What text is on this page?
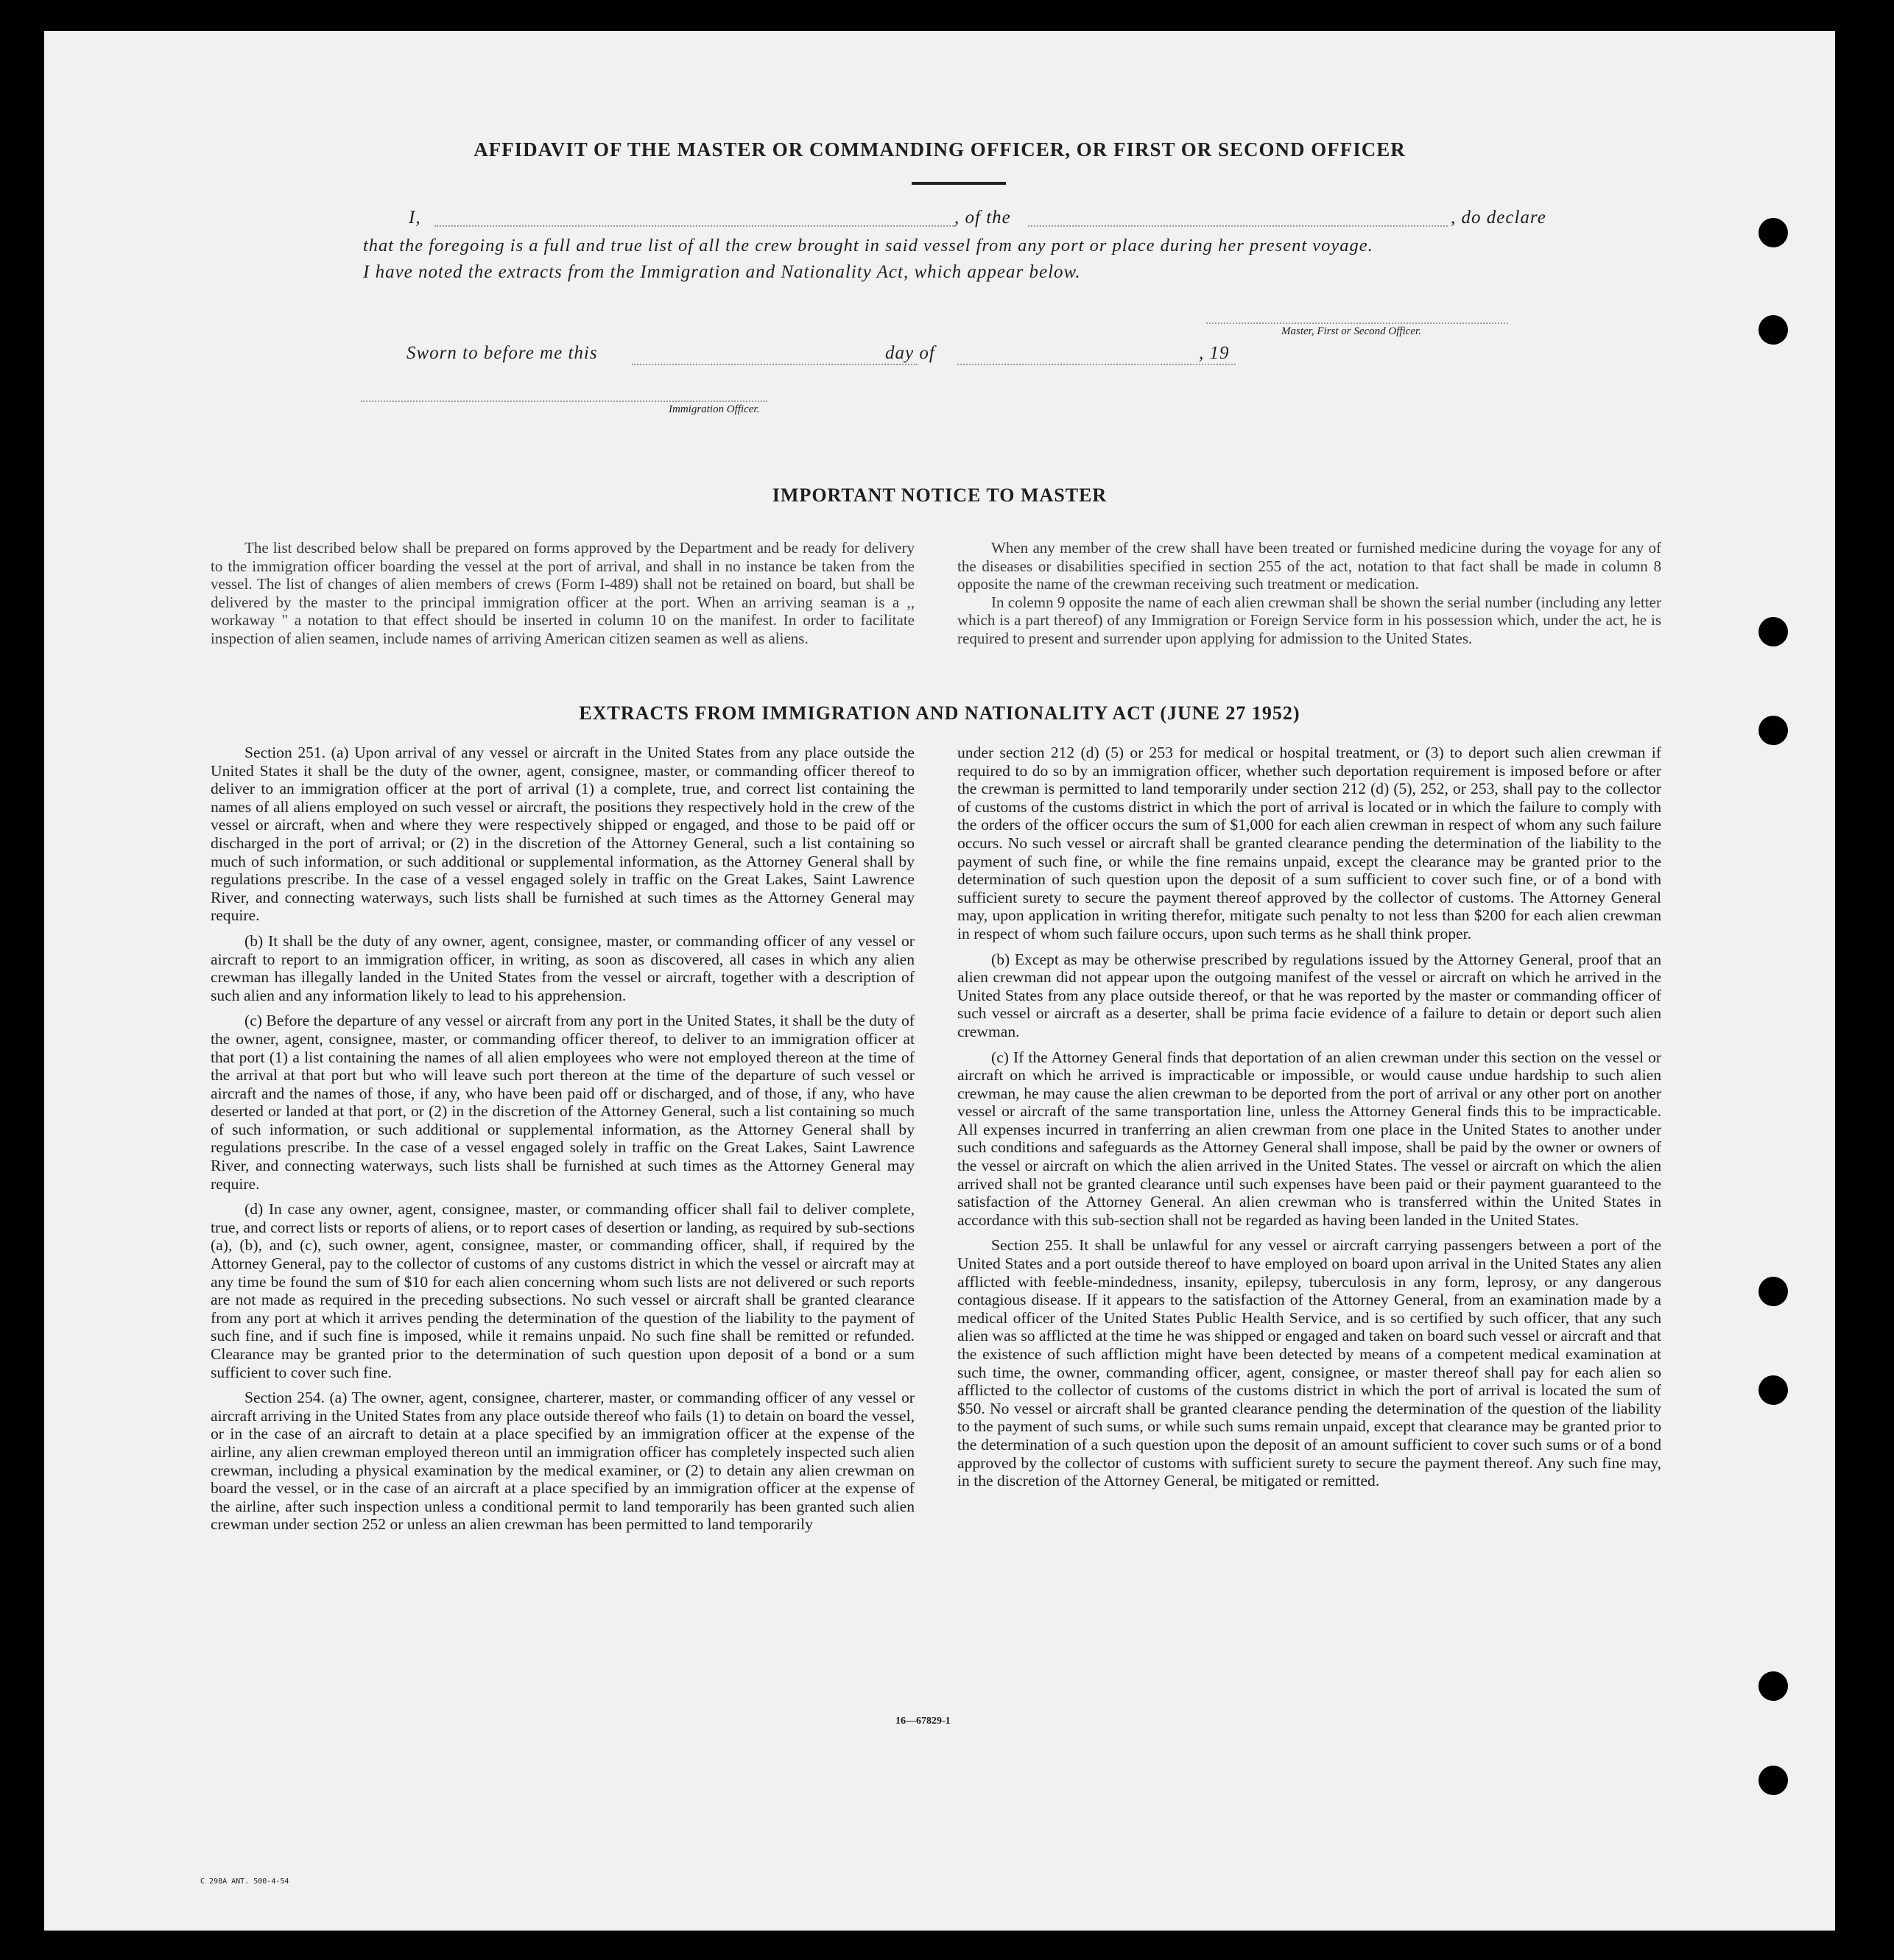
AFFIDAVIT OF THE MASTER OR COMMANDING OFFICER, OR FIRST OR SECOND OFFICER
I,	, of the	, do declare
that the foregoing is a full and true list of all the crew brought in said vessel from any port or place during her present voyage.
I have noted the extracts from the Immigration and Nationality Act, which appear below.
Master, First or Second Officer.
Sworn to before me this	day of	, 19
Immigration Officer.
IMPORTANT NOTICE TO MASTER

The list described below shall be prepared on forms approved by the Department and be ready for delivery to the immigration officer boarding the vessel at the port of arrival, and shall in no instance be taken from the vessel. The list of changes of alien members of crews (Form I-489) shall not be retained on board, but shall be delivered by the master to the principal immigration officer at the port. When an arriving seaman is a ,, workaway " a notation to that effect should be inserted in column 10 on the manifest. In order to facilitate inspection of alien seamen, include names of arriving American citizen seamen as well as aliens.

When any member of the crew shall have been treated or furnished medicine during the voyage for any of the diseases or disabilities specified in section 255 of the act, notation to that fact shall be made in column 8 opposite the name of the crewman receiving such treatment or medication.

In colemn 9 opposite the name of each alien crewman shall be shown the serial number (including any letter which is a part thereof) of any Immigration or Foreign Service form in his possession which, under the act, he is required to present and surrender upon applying for admission to the United States.

EXTRACTS FROM IMMIGRATION AND NATIONALITY ACT (JUNE 27 1952)

Section 251. (a) Upon arrival of any vessel or aircraft in the United States from any place outside the United States it shall be the duty of the owner, agent, consignee, master, or commanding officer thereof to deliver to an immigration officer at the port of arrival (1) a complete, true, and correct list containing the names of all aliens employed on such vessel or aircraft, the positions they respectively hold in the crew of the vessel or aircraft, when and where they were respectively shipped or engaged, and those to be paid off or discharged in the port of arrival; or (2) in the discretion of the Attorney General, such a list containing so much of such information, or such additional or supplemental information, as the Attorney General shall by regulations prescribe. In the case of a vessel engaged solely in traffic on the Great Lakes, Saint Lawrence River, and connecting waterways, such lists shall be furnished at such times as the Attorney General may require.

(b) It shall be the duty of any owner, agent, consignee, master, or commanding officer of any vessel or aircraft to report to an immigration officer, in writing, as soon as discovered, all cases in which any alien crewman has illegally landed in the United States from the vessel or aircraft, together with a description of such alien and any information likely to lead to his apprehension.

(c) Before the departure of any vessel or aircraft from any port in the United States, it shall be the duty of the owner, agent, consignee, master, or commanding officer thereof, to deliver to an immigration officer at that port (1) a list containing the names of all alien employees who were not employed thereon at the time of the arrival at that port but who will leave such port thereon at the time of the departure of such vessel or aircraft and the names of those, if any, who have been paid off or discharged, and of those, if any, who have deserted or landed at that port, or (2) in the discretion of the Attorney General, such a list containing so much of such information, or such additional or supplemental information, as the Attorney General shall by regulations prescribe. In the case of a vessel engaged solely in traffic on the Great Lakes, Saint Lawrence River, and connecting waterways, such lists shall be furnished at such times as the Attorney General may require.

(d) In case any owner, agent, consignee, master, or commanding officer shall fail to deliver complete, true, and correct lists or reports of aliens, or to report cases of desertion or landing, as required by sub-sections (a), (b), and (c), such owner, agent, consignee, master, or commanding officer, shall, if required by the Attorney General, pay to the collector of customs of any customs district in which the vessel or aircraft may at any time be found the sum of $10 for each alien concerning whom such lists are not delivered or such reports are not made as required in the preceding subsections. No such vessel or aircraft shall be granted clearance from any port at which it arrives pending the determination of the question of the liability to the payment of such fine, and if such fine is imposed, while it remains unpaid. No such fine shall be remitted or refunded. Clearance may be granted prior to the determination of such question upon deposit of a bond or a sum sufficient to cover such fine.

Section 254. (a) The owner, agent, consignee, charterer, master, or commanding officer of any vessel or aircraft arriving in the United States from any place outside thereof who fails (1) to detain on board the vessel, or in the case of an aircraft to detain at a place specified by an immigration officer at the expense of the airline, any alien crewman employed thereon until an immigration officer has completely inspected such alien crewman, including a physical examination by the medical examiner, or (2) to detain any alien crewman on board the vessel, or in the case of an aircraft at a place specified by an immigration officer at the expense of the airline, after such inspection unless a conditional permit to land temporarily has been granted such alien crewman under section 252 or unless an alien crewman has been permitted to land temporarily

under section 212 (d) (5) or 253 for medical or hospital treatment, or (3) to deport such alien crewman if required to do so by an immigration officer, whether such deportation requirement is imposed before or after the crewman is permitted to land temporarily under section 212 (d) (5), 252, or 253, shall pay to the collector of customs of the customs district in which the port of arrival is located or in which the failure to comply with the orders of the officer occurs the sum of $1,000 for each alien crewman in respect of whom any such failure occurs. No such vessel or aircraft shall be granted clearance pending the determination of the liability to the payment of such fine, or while the fine remains unpaid, except the clearance may be granted prior to the determination of such question upon the deposit of a sum sufficient to cover such fine, or of a bond with sufficient surety to secure the payment thereof approved by the collector of customs. The Attorney General may, upon application in writing therefor, mitigate such penalty to not less than $200 for each alien crewman in respect of whom such failure occurs, upon such terms as he shall think proper.

(b) Except as may be otherwise prescribed by regulations issued by the Attorney General, proof that an alien crewman did not appear upon the outgoing manifest of the vessel or aircraft on which he arrived in the United States from any place outside thereof, or that he was reported by the master or commanding officer of such vessel or aircraft as a deserter, shall be prima facie evidence of a failure to detain or deport such alien crewman.

(c) If the Attorney General finds that deportation of an alien crewman under this section on the vessel or aircraft on which he arrived is impracticable or impossible, or would cause undue hardship to such alien crewman, he may cause the alien crewman to be deported from the port of arrival or any other port on another vessel or aircraft of the same transportation line, unless the Attorney General finds this to be impracticable. All expenses incurred in tranferring an alien crewman from one place in the United States to another under such conditions and safeguards as the Attorney General shall impose, shall be paid by the owner or owners of the vessel or aircraft on which the alien arrived in the United States. The vessel or aircraft on which the alien arrived shall not be granted clearance until such expenses have been paid or their payment guaranteed to the satisfaction of the Attorney General. An alien crewman who is transferred within the United States in accordance with this sub-section shall not be regarded as having been landed in the United States.

Section 255. It shall be unlawful for any vessel or aircraft carrying passengers between a port of the United States and a port outside thereof to have employed on board upon arrival in the United States any alien afflicted with feeble-mindedness, insanity, epilepsy, tuberculosis in any form, leprosy, or any dangerous contagious disease. If it appears to the satisfaction of the Attorney General, from an examination made by a medical officer of the United States Public Health Service, and is so certified by such officer, that any such alien was so afflicted at the time he was shipped or engaged and taken on board such vessel or aircraft and that the existence of such affliction might have been detected by means of a competent medical examination at such time, the owner, commanding officer, agent, consignee, or master thereof shall pay for each alien so afflicted to the collector of customs of the customs district in which the port of arrival is located the sum of $50. No vessel or aircraft shall be granted clearance pending the determination of the question of the liability to the payment of such sums, or while such sums remain unpaid, except that clearance may be granted prior to the determination of a such question upon the deposit of an amount sufficient to cover such sums or of a bond approved by the collector of customs with sufficient surety to secure the payment thereof. Any such fine may, in the discretion of the Attorney General, be mitigated or remitted.

16—67829-1
C 298A ANT. 500-4-54
